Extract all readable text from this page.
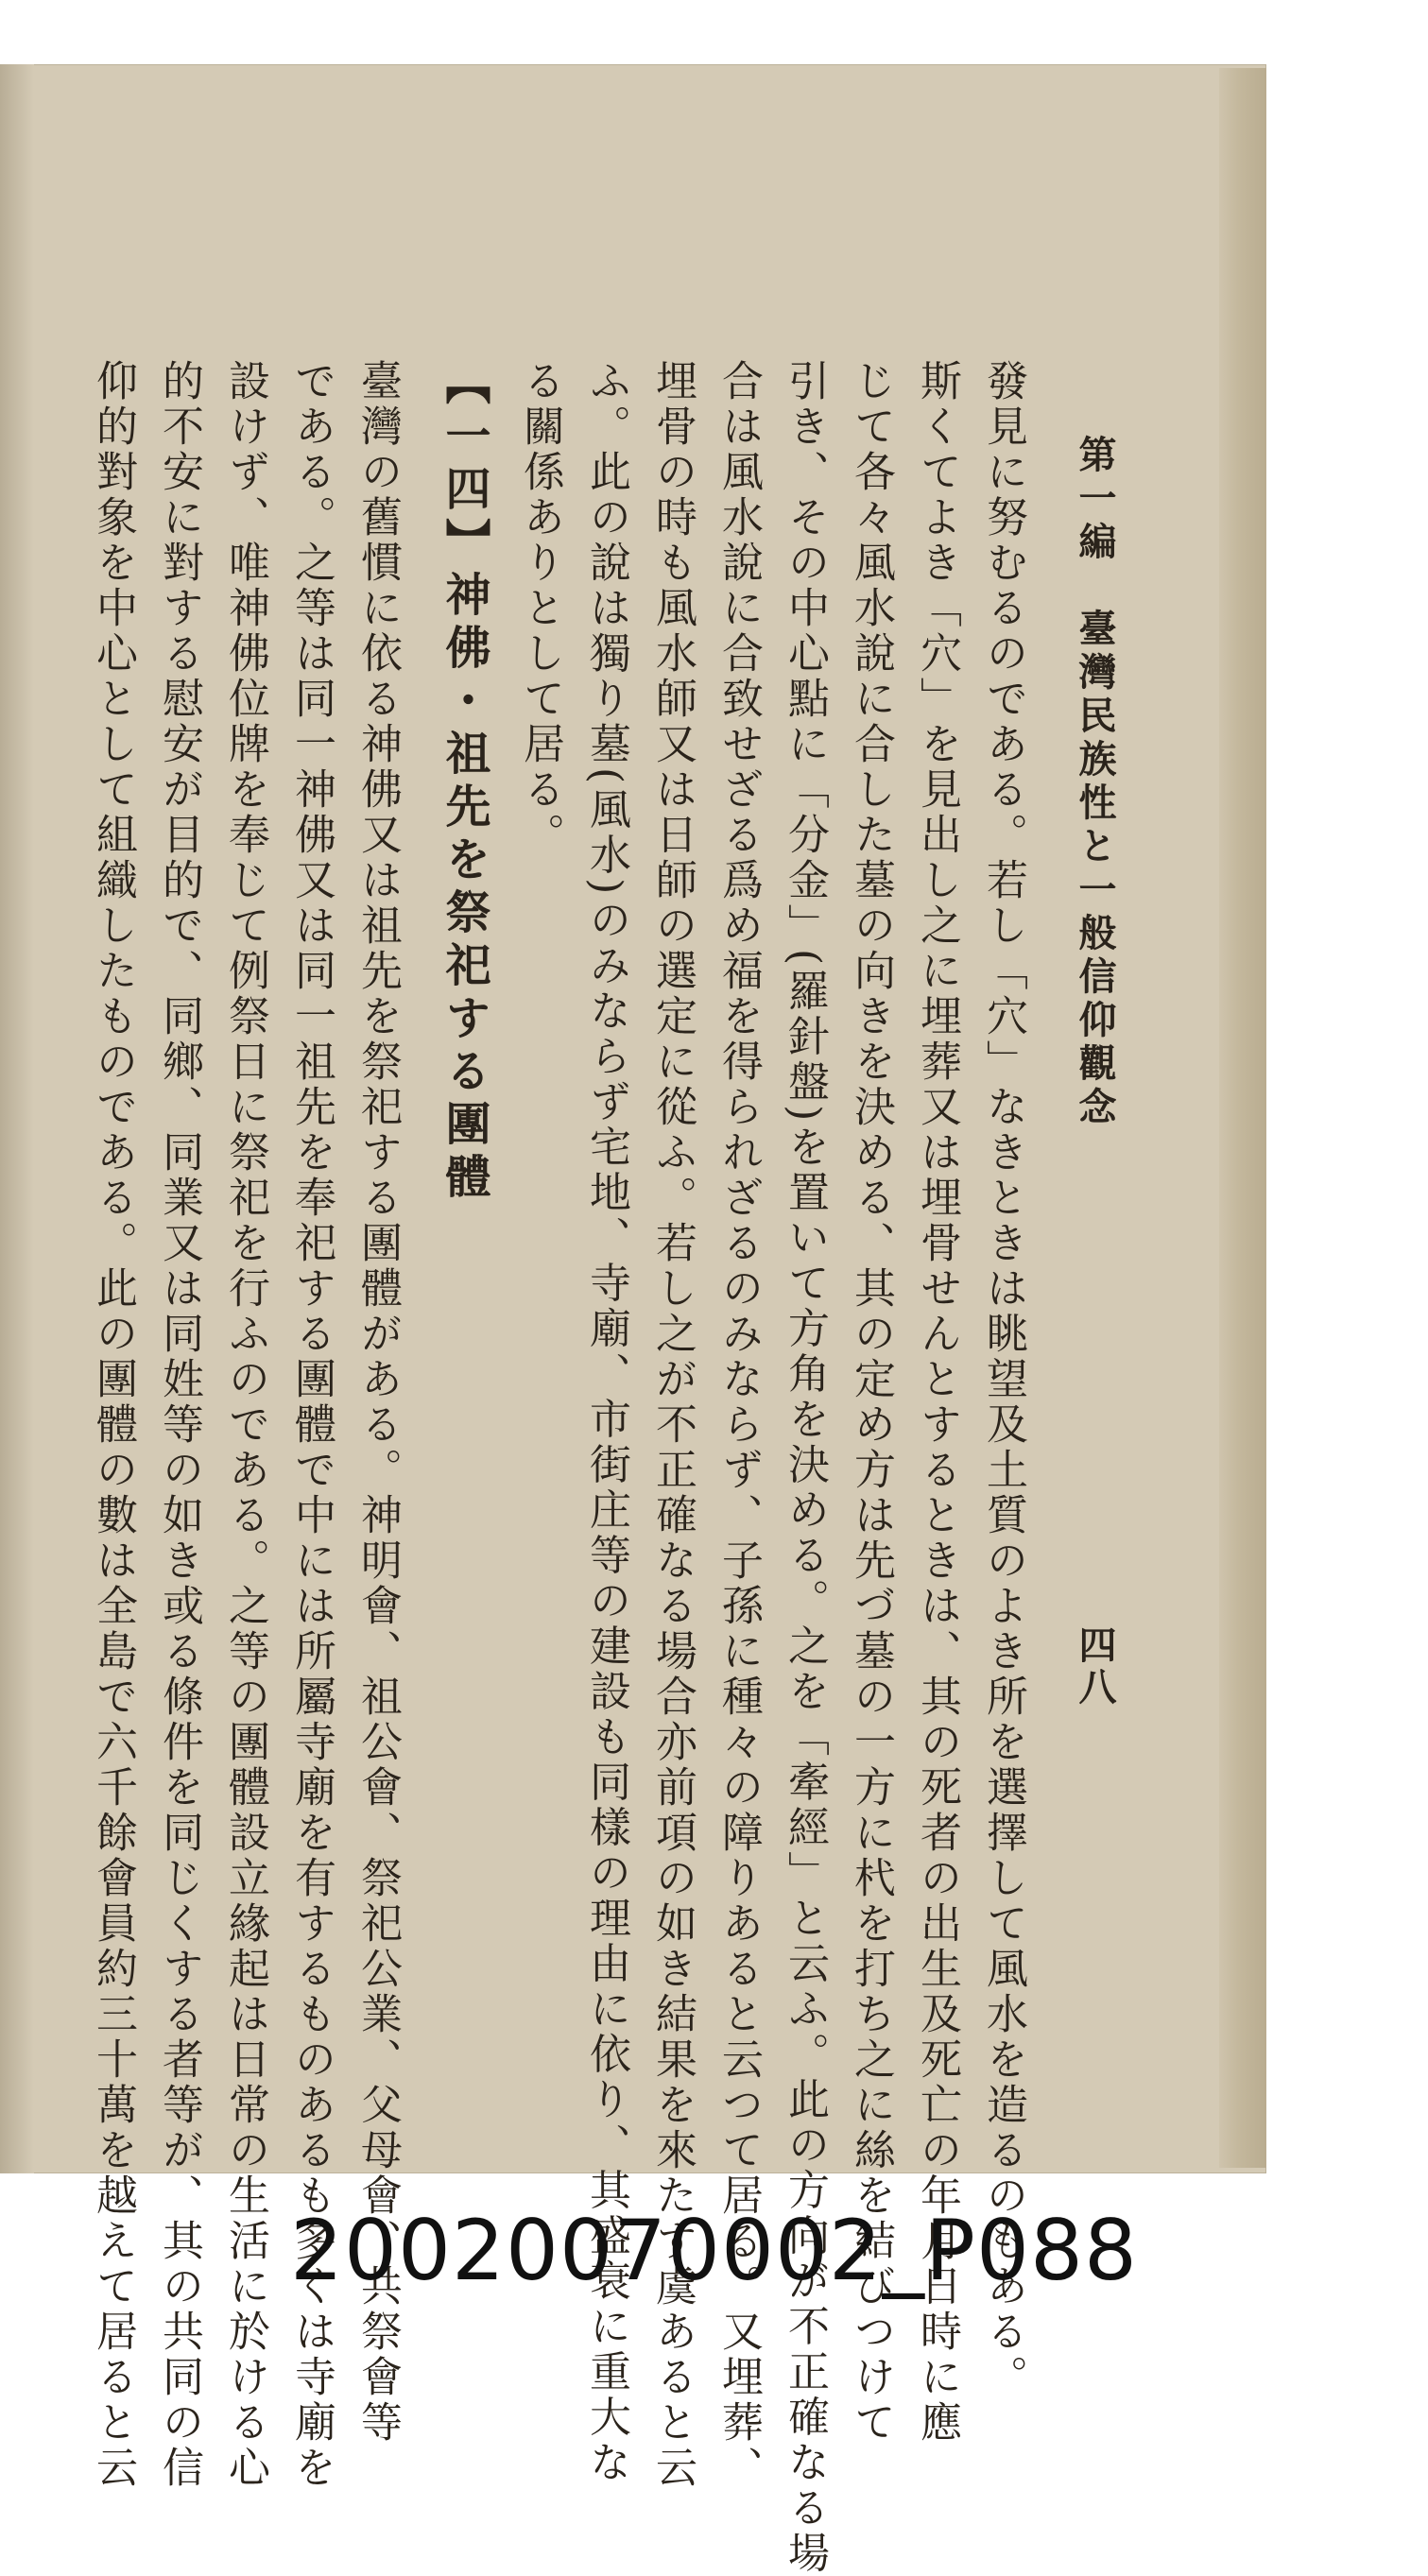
第一編　臺灣民族性と一般信仰觀念
四八
發見に努むるのである。若し「穴」なきときは眺望及土質のよき所を選擇して風水を造るのもある。
斯くてよき「穴」を見出し之に埋葬又は埋骨せんとするときは、其の死者の出生及死亡の年月日時に應
じて各々風水說に合した墓の向きを決める、其の定め方は先づ墓の一方に杙を打ち之に絲を結びつけて
引き、その中心點に「分金」(羅針盤)を置いて方角を決める。之を「牽經」と云ふ。此の方向が不正確なる場
合は風水說に合致せざる爲め福を得られざるのみならず、子孫に種々の障りあると云つて居る。又埋葬、
埋骨の時も風水師又は日師の選定に從ふ。若し之が不正確なる場合亦前項の如き結果を來たす虞あると云
ふ。此の說は獨り墓(風水)のみならず宅地、寺廟、市街庄等の建設も同樣の理由に依り、其盛衰に重大な
る關係ありとして居る。
【一四】神佛・祖先を祭祀する團體
臺灣の舊慣に依る神佛又は祖先を祭祀する團體がある。神明會、祖公會、祭祀公業、父母會、共祭會等
である。之等は同一神佛又は同一祖先を奉祀する團體で中には所屬寺廟を有するものあるも多くは寺廟を
設けず、唯神佛位牌を奉じて例祭日に祭祀を行ふのである。之等の團體設立緣起は日常の生活に於ける心
的不安に對する慰安が目的で、同鄉、同業又は同姓等の如き或る條件を同じくする者等が、其の共同の信
仰的對象を中心として組織したものである。此の團體の數は全島で六千餘會員約三十萬を越えて居ると云	20020070002_P088
